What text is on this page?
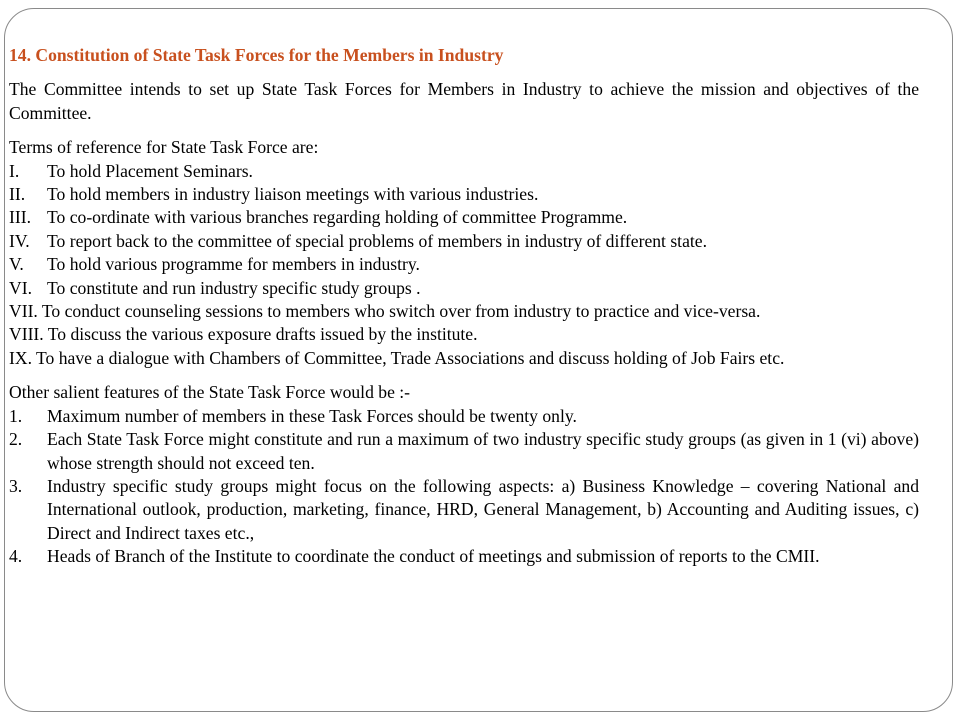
14. Constitution of State Task Forces for the Members in Industry
The Committee intends to set up State Task Forces for Members in Industry to achieve the mission and objectives of the Committee.
Terms of reference for State Task Force are:
I.	To hold Placement Seminars.
II.	To hold members in industry liaison meetings with various industries.
III. To co-ordinate with various branches regarding holding of committee Programme.
IV. To report back to the committee of special problems of members in industry of different state.
V.	To hold various programme for members in industry.
VI. To constitute and run industry specific study groups .
VII. To conduct counseling sessions to members who switch over from industry to practice and vice-versa.
VIII. To discuss the various exposure drafts issued by the institute.
IX. To have a dialogue with Chambers of Committee, Trade Associations and discuss holding of Job Fairs etc.
Other salient features of the State Task Force would be :-
1.	Maximum number of members in these Task Forces should be twenty only.
2.	Each State Task Force might constitute and run a maximum of two industry specific study groups (as given in 1 (vi) above) whose strength should not exceed ten.
3.	Industry specific study groups might focus on the following aspects: a) Business Knowledge – covering National and International outlook, production, marketing, finance, HRD, General Management, b) Accounting and Auditing issues, c) Direct and Indirect taxes etc.,
4.	Heads of Branch of the Institute to coordinate the conduct of meetings and submission of reports to the CMII.
